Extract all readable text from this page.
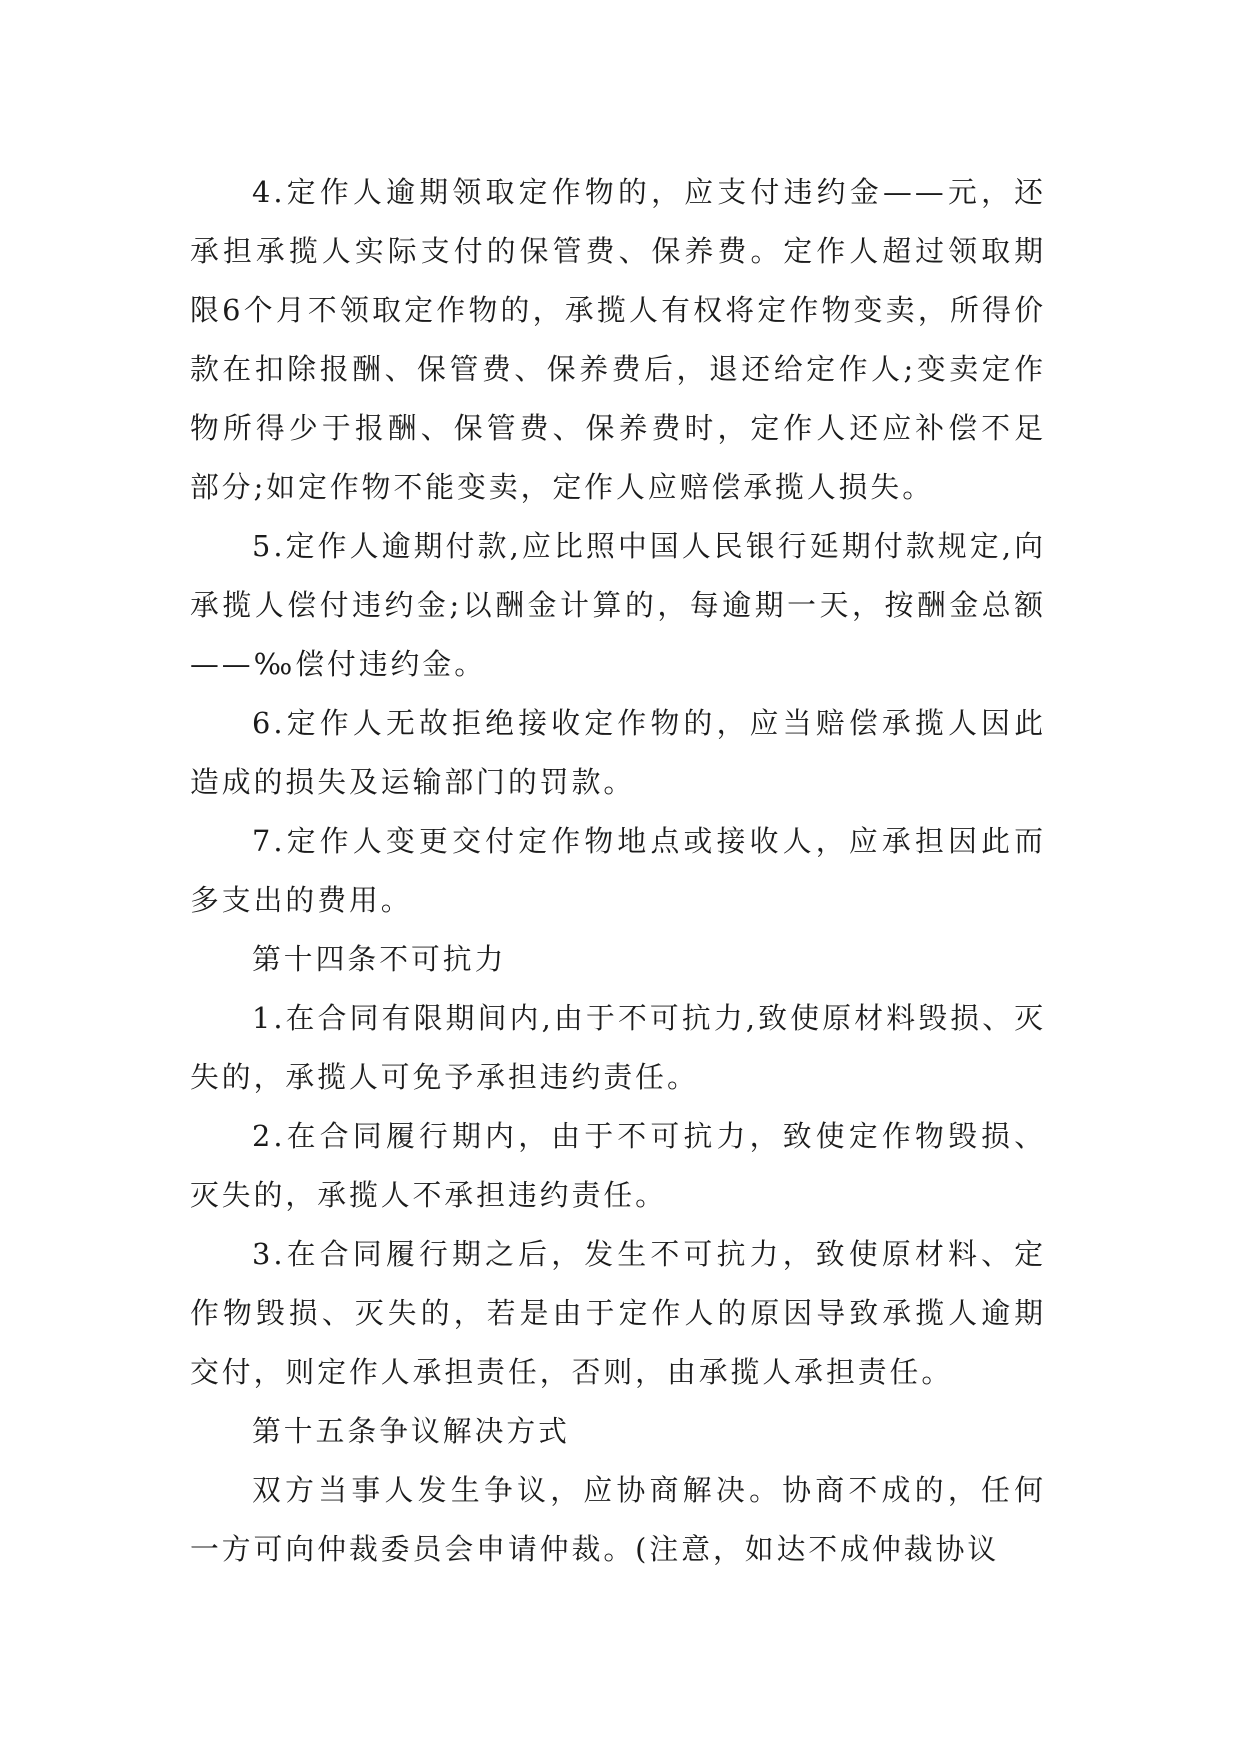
4.定作人逾期领取定作物的，应支付违约金——元，还承担承揽人实际支付的保管费、保养费。定作人超过领取期限6个月不领取定作物的，承揽人有权将定作物变卖，所得价款在扣除报酬、保管费、保养费后，退还给定作人;变卖定作物所得少于报酬、保管费、保养费时，定作人还应补偿不足部分;如定作物不能变卖，定作人应赔偿承揽人损失。

5.定作人逾期付款,应比照中国人民银行延期付款规定,向承揽人偿付违约金;以酬金计算的，每逾期一天，按酬金总额——‰偿付违约金。

6.定作人无故拒绝接收定作物的，应当赔偿承揽人因此造成的损失及运输部门的罚款。

7.定作人变更交付定作物地点或接收人，应承担因此而多支出的费用。

第十四条不可抗力

1.在合同有限期间内,由于不可抗力,致使原材料毁损、灭失的，承揽人可免予承担违约责任。

2.在合同履行期内，由于不可抗力，致使定作物毁损、灭失的，承揽人不承担违约责任。

3.在合同履行期之后，发生不可抗力，致使原材料、定作物毁损、灭失的，若是由于定作人的原因导致承揽人逾期交付，则定作人承担责任，否则，由承揽人承担责任。

第十五条争议解决方式

双方当事人发生争议，应协商解决。协商不成的，任何一方可向仲裁委员会申请仲裁。(注意，如达不成仲裁协议
